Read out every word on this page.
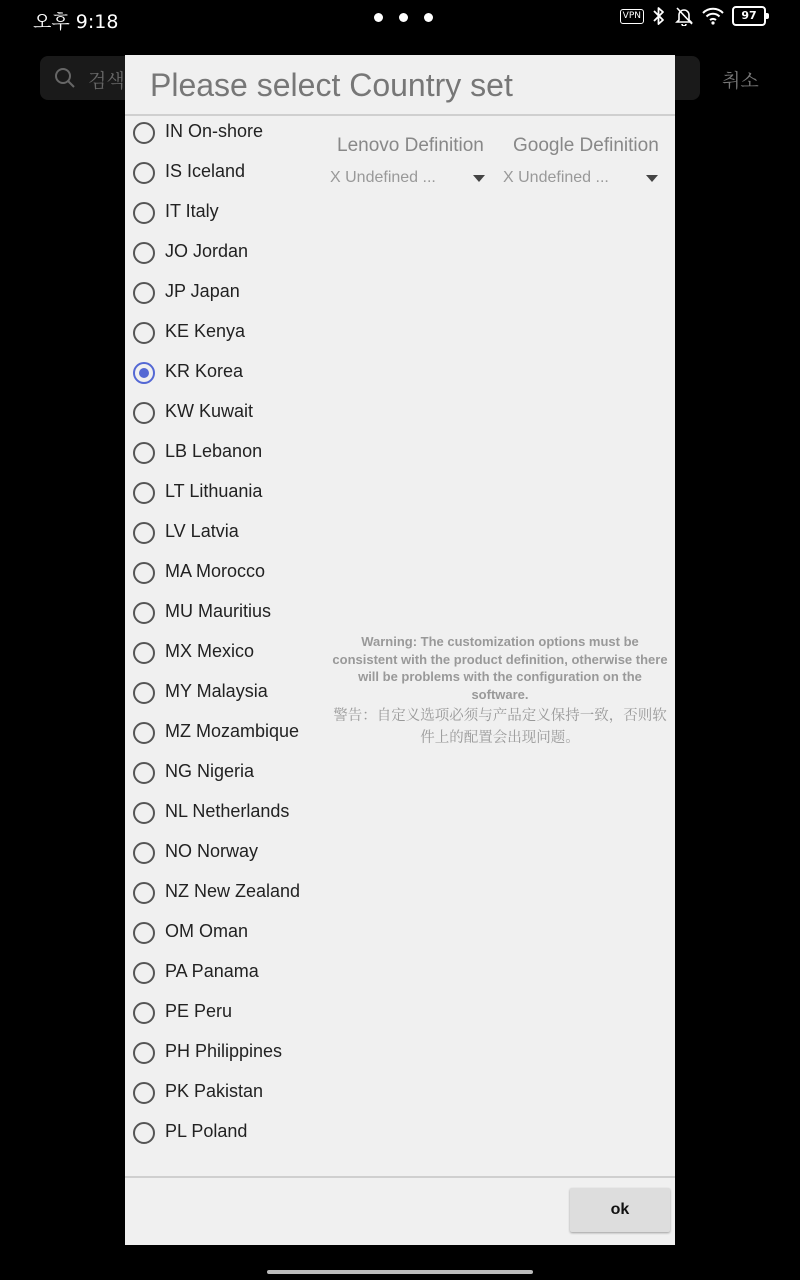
오후 9:18	VPN	97
검색	취소
Please select Country set
IN On-shore
IS Iceland
IT Italy
JO Jordan
JP Japan
KE Kenya
KR Korea
KW Kuwait
LB Lebanon
LT Lithuania
LV Latvia
MA Morocco
MU Mauritius
MX Mexico
MY Malaysia
MZ Mozambique
NG Nigeria
NL Netherlands
NO Norway
NZ New Zealand
OM Oman
PA Panama
PE Peru
PH Philippines
PK Pakistan
PL Poland
Lenovo Definition Google Definition
X Undefined ...	X Undefined ...
Warning: The customization options must be consistent with the product definition, otherwise there will be problems with the configuration on the software.
警告：自定义选项必须与产品定义保持一致，否则软件上的配置会出现问题。
ok
